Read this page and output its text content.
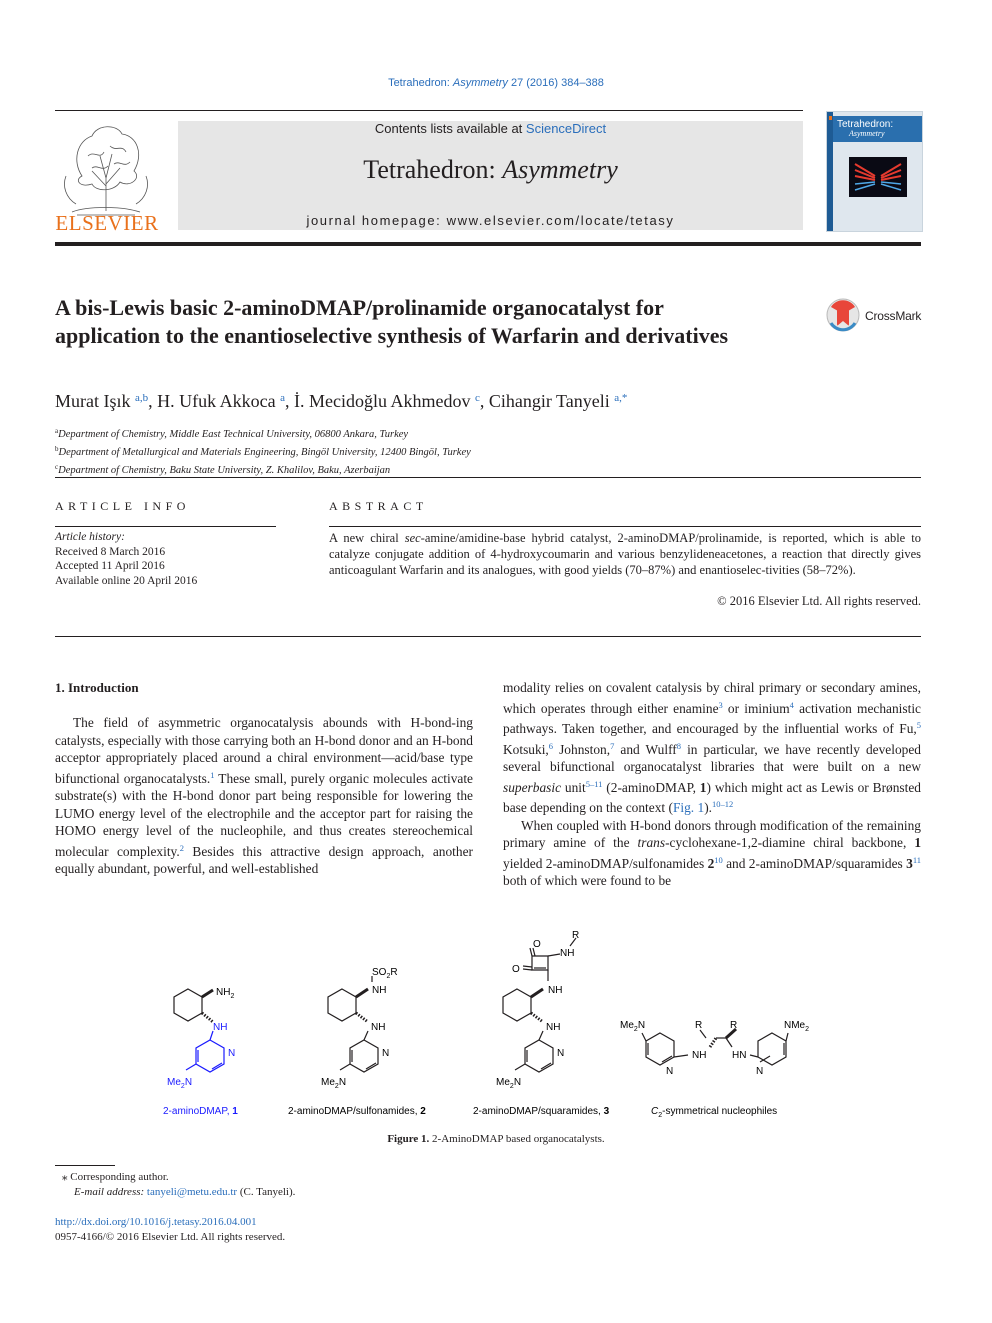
Tetrahedron: Asymmetry 27 (2016) 384–388
ELSEVIER
Contents lists available at ScienceDirect
Tetrahedron: Asymmetry
journal homepage: www.elsevier.com/locate/tetasy
Tetrahedron:
Asymmetry
A bis-Lewis basic 2-aminoDMAP/prolinamide organocatalyst for application to the enantioselective synthesis of Warfarin and derivatives
CrossMark
Murat Işık $^{a,b}$, H. Ufuk Akkoca $^a$, İ. Mecidoğlu Akhmedov $^c$, Cihangir Tanyeli $^{a,*}$
$^a$Department of Chemistry, Middle East Technical University, 06800 Ankara, Turkey
$^b$Department of Metallurgical and Materials Engineering, Bingöl University, 12400 Bingöl, Turkey
$^c$Department of Chemistry, Baku State University, Z. Khalilov, Baku, Azerbaijan
ARTICLE INFO	ABSTRACT
Article history:
Received 8 March 2016
Accepted 11 April 2016
Available online 20 April 2016
A new chiral sec-amine/amidine-base hybrid catalyst, 2-aminoDMAP/prolinamide, is reported, which is able to catalyze conjugate addition of 4-hydroxycoumarin and various benzylideneacetones, a reaction that directly gives anticoagulant Warfarin and its analogues, with good yields (70–87%) and enantioselec-tivities (58–72%).
© 2016 Elsevier Ltd. All rights reserved.
1. Introduction
The field of asymmetric organocatalysis abounds with H-bond-ing catalysts, especially with those carrying both an H-bond donor and an H-bond acceptor appropriately placed around a chiral environment—acid/base type bifunctional organocatalysts.$^1$ These small, purely organic molecules activate substrate(s) with the H-bond donor part being responsible for lowering the LUMO energy level of the electrophile and the acceptor part for raising the HOMO energy level of the nucleophile, and thus creates stereochemical molecular complexity.$^2$ Besides this attractive design approach, another equally abundant, powerful, and well-established
modality relies on covalent catalysis by chiral primary or secondary amines, which operates through either enamine$^3$ or iminium$^4$ activation mechanistic pathways. Taken together, and encouraged by the influential works of Fu,$^5$ Kotsuki,$^6$ Johnston,$^7$ and Wulff$^8$ in particular, we have recently developed several bifunctional organocatalyst libraries that were built on a new superbasic unit$^{5-11}$ (2-aminoDMAP, 1) which might act as Lewis or Brønsted base depending on the context (Fig. 1).$^{10-12}$
When coupled with H-bond donors through modification of the remaining primary amine of the trans-cyclohexane-1,2-diamine chiral backbone, 1 yielded 2-aminoDMAP/sulfonamides 2$^{10}$ and 2-aminoDMAP/squaramides 3$^{11}$ both of which were found to be
$NH_2$
NH
N
$Me_2N$
$SO_2R$
NH
NH
N
$Me_2N$
O
O
R
NH
NH
NH
N
$Me_2N$
$Me_2N$
N
NH
R	R
HN
N
NMe$_2$
2-aminoDMAP, 1	2-aminoDMAP/sulfonamides, 2	2-aminoDMAP/squaramides, 3	$C_2$-symmetrical nucleophiles
Figure 1. 2-AminoDMAP based organocatalysts.
⁎ Corresponding author.
E-mail address: tanyeli@metu.edu.tr (C. Tanyeli).
http://dx.doi.org/10.1016/j.tetasy.2016.04.001
0957-4166/© 2016 Elsevier Ltd. All rights reserved.
